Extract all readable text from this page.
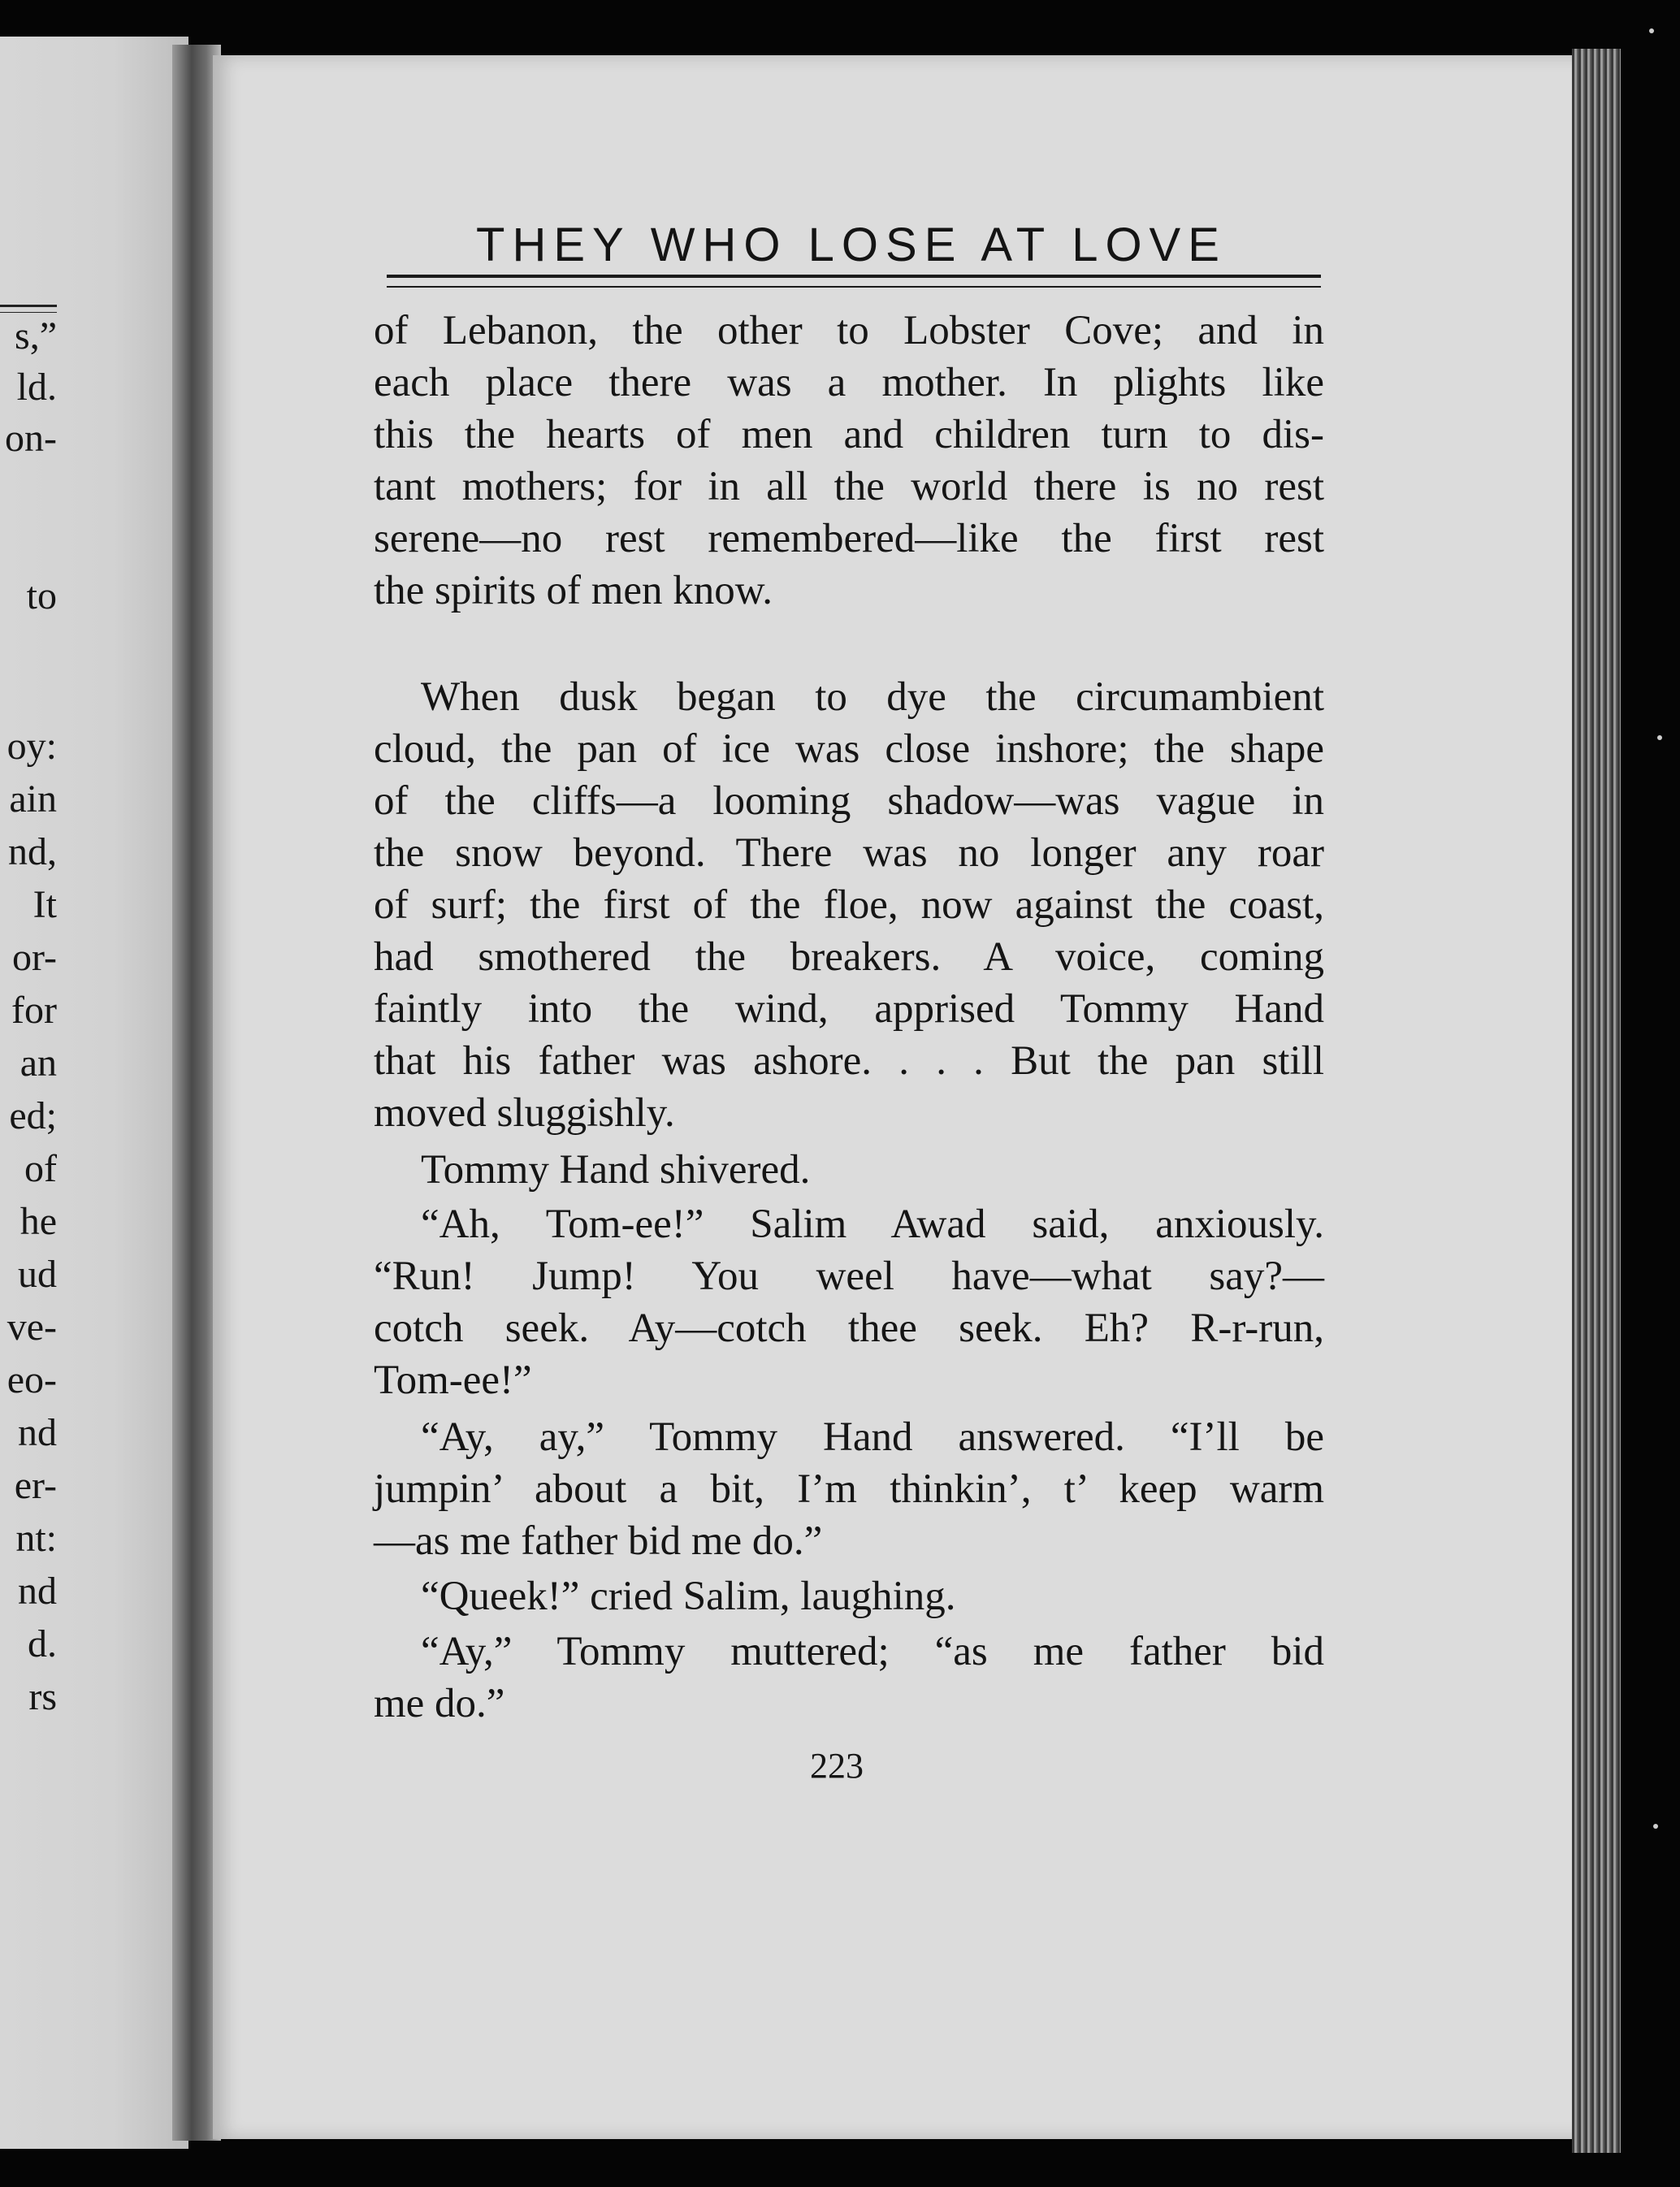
s,”
ld.
on-
to
oy:
ain
nd,
It
or-
for
an
ed;
of
he
ud
ve-
eo-
nd
er-
nt:
nd
d.
rs
THEY WHO LOSE AT LOVE
of Lebanon, the other to Lobster Cove; and in
each place there was a mother. In plights like
this the hearts of men and children turn to dis-
tant mothers; for in all the world there is no rest
serene—no rest remembered—like the first rest
the spirits of men know.
When dusk began to dye the circumambient
cloud, the pan of ice was close inshore; the shape
of the cliffs—a looming shadow—was vague in
the snow beyond. There was no longer any roar
of surf; the first of the floe, now against the coast,
had smothered the breakers. A voice, coming
faintly into the wind, apprised Tommy Hand
that his father was ashore. . . . But the pan still
moved sluggishly.
Tommy Hand shivered.
“Ah, Tom-ee!” Salim Awad said, anxiously.
“Run! Jump! You weel have—what say?—
cotch seek. Ay—cotch thee seek. Eh? R-r-run,
Tom-ee!”
“Ay, ay,” Tommy Hand answered. “I’ll be
jumpin’ about a bit, I’m thinkin’, t’ keep warm
—as me father bid me do.”
“Queek!” cried Salim, laughing.
“Ay,” Tommy muttered; “as me father bid
me do.”
223
